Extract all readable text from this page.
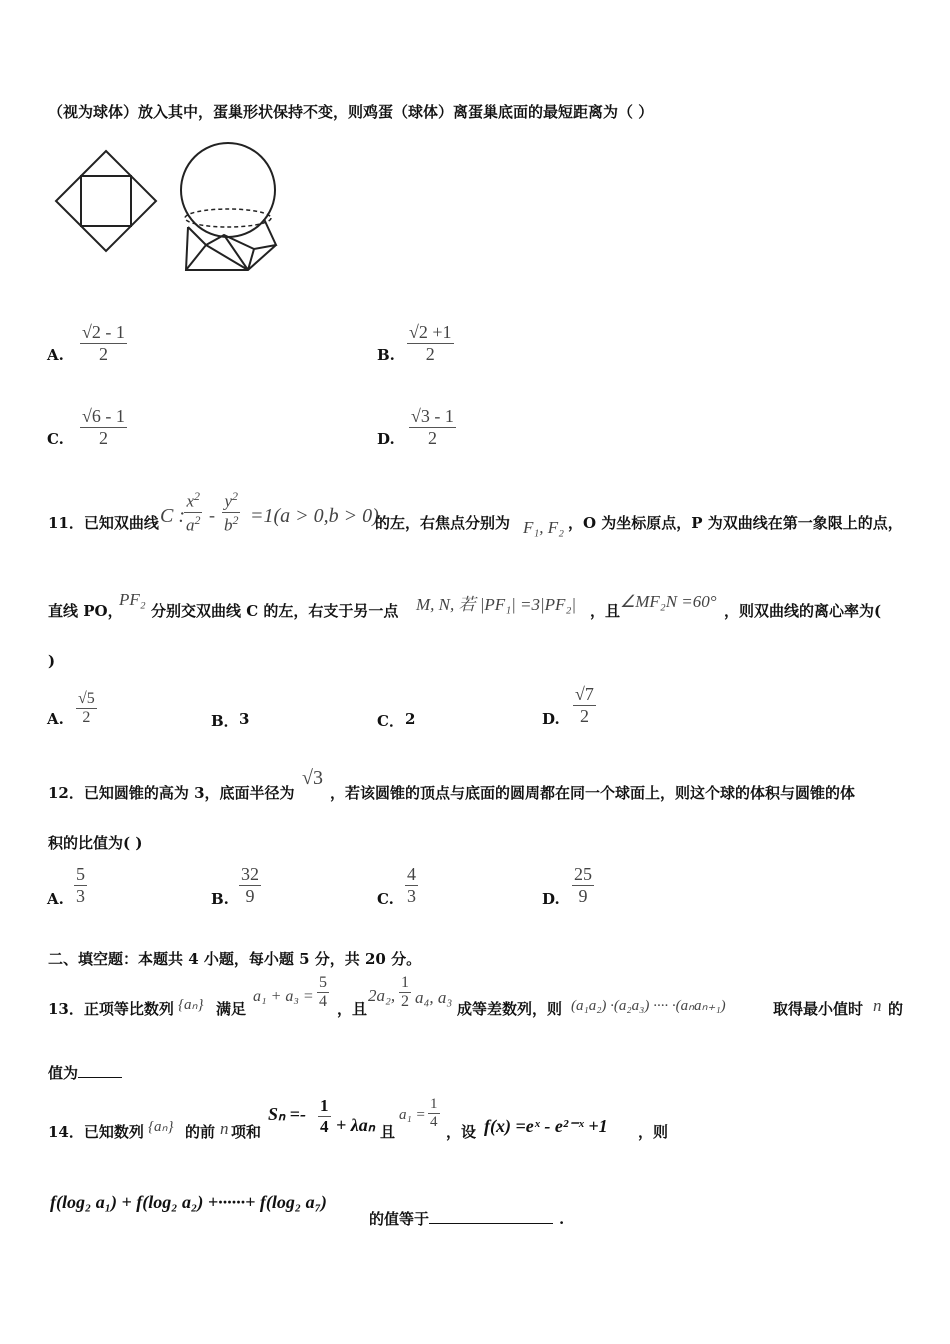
（视为球体）放入其中，蛋巢形状保持不变，则鸡蛋（球体）离蛋巢底面的最短距离为（ ）
A.
√2 - 1
2	B.
√2 +1
2
C.
√6 - 1
2	D.
√3 - 1
2
11．已知双曲线 C :
$x^2$
$a^2$ -
$y^2$
$b^2 =1(a > 0,b > 0)$
的左，右焦点分别为 F₁, F₂ ，O 为坐标原点，P 为双曲线在第一象限上的点，
直线 PO，
PF₂
分别交双曲线 C 的左，右支于另一点 M, N, 若 |PF₁| =3|PF₂| ，且 ∠MF₂N =60° ，则双曲线的离心率为(
)
A.
√5
2	B． 3	C． 2	D.
√7
2
12．已知圆锥的高为 3，底面半径为
√3
，若该圆锥的顶点与底面的圆周都在同一个球面上，则这个球的体积与圆锥的体
积的比值为( )
A.
5
3	B.
32
9	C.
4
3	D.
25
9
二、填空题：本题共 4 小题，每小题 5 分，共 20 分。
13．正项等比数列 {aₙ} 满足
a₁ + a₃ =
5
4 ，且
2a₂,
1
2 a₄, a₃
成等差数列，则 (a₁a₂) ·(a₂a₃) ···· ·(aₙaₙ₊₁)	取得最小值时 n 的
值为
14．已知数列 {aₙ} 的前 n 项和
Sₙ =- 1
4 + λaₙ 且
a₁ =
1
4
，设 f(x) =eˣ - e²⁻ˣ +1 ，则
f(log₂ a₁) + f(log₂ a₂) +······+ f(log₂ a₇)
的值等于	.
